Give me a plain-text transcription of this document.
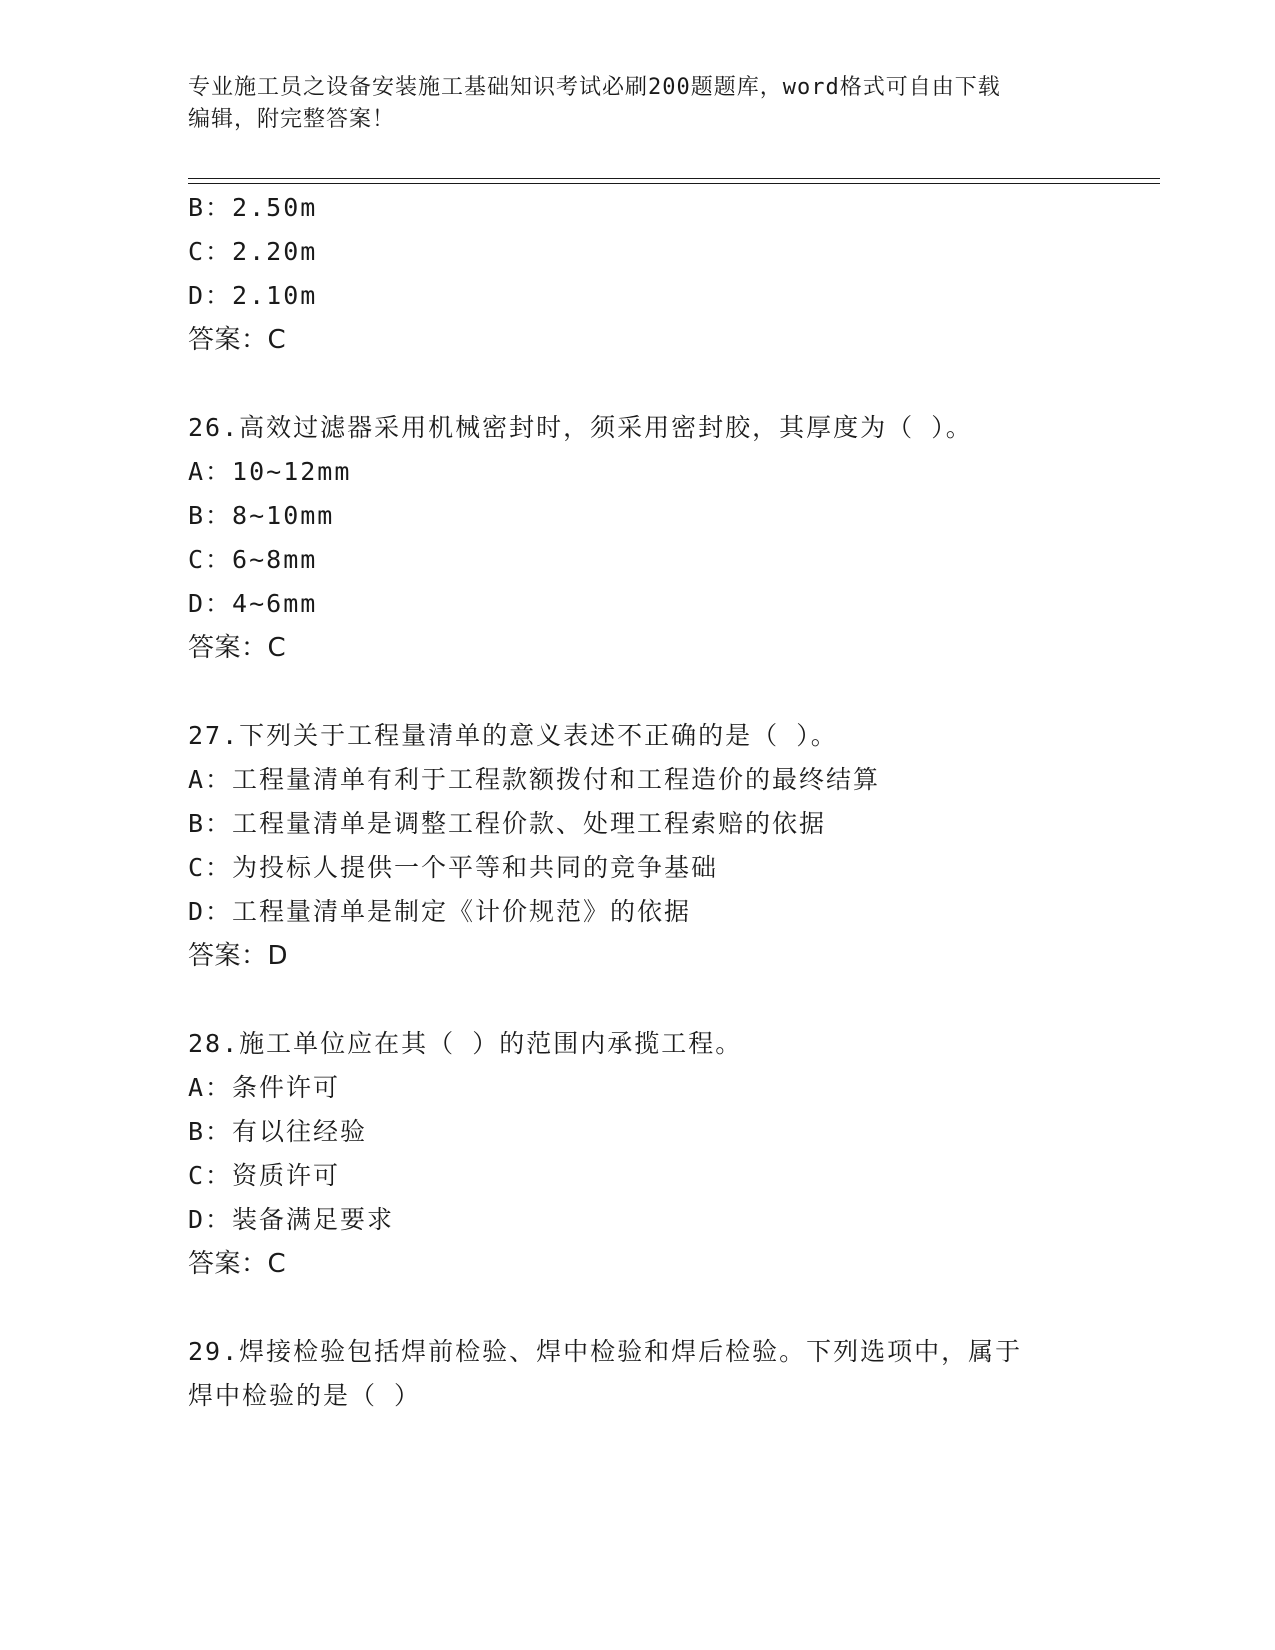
专业施工员之设备安装施工基础知识考试必刷200题题库，word格式可自由下载
编辑，附完整答案！
B：2.50m
C：2.20m
D：2.10m
答案：C
26.高效过滤器采用机械密封时，须采用密封胶，其厚度为（ ）。
A：10~12mm
B：8~10mm
C：6~8mm
D：4~6mm
答案：C
27.下列关于工程量清单的意义表述不正确的是（ ）。
A：工程量清单有利于工程款额拨付和工程造价的最终结算
B：工程量清单是调整工程价款、处理工程索赔的依据
C：为投标人提供一个平等和共同的竞争基础
D：工程量清单是制定《计价规范》的依据
答案：D
28.施工单位应在其（ ）的范围内承揽工程。
A：条件许可
B：有以往经验
C：资质许可
D：装备满足要求
答案：C
29.焊接检验包括焊前检验、焊中检验和焊后检验。下列选项中，属于
焊中检验的是（ ）
